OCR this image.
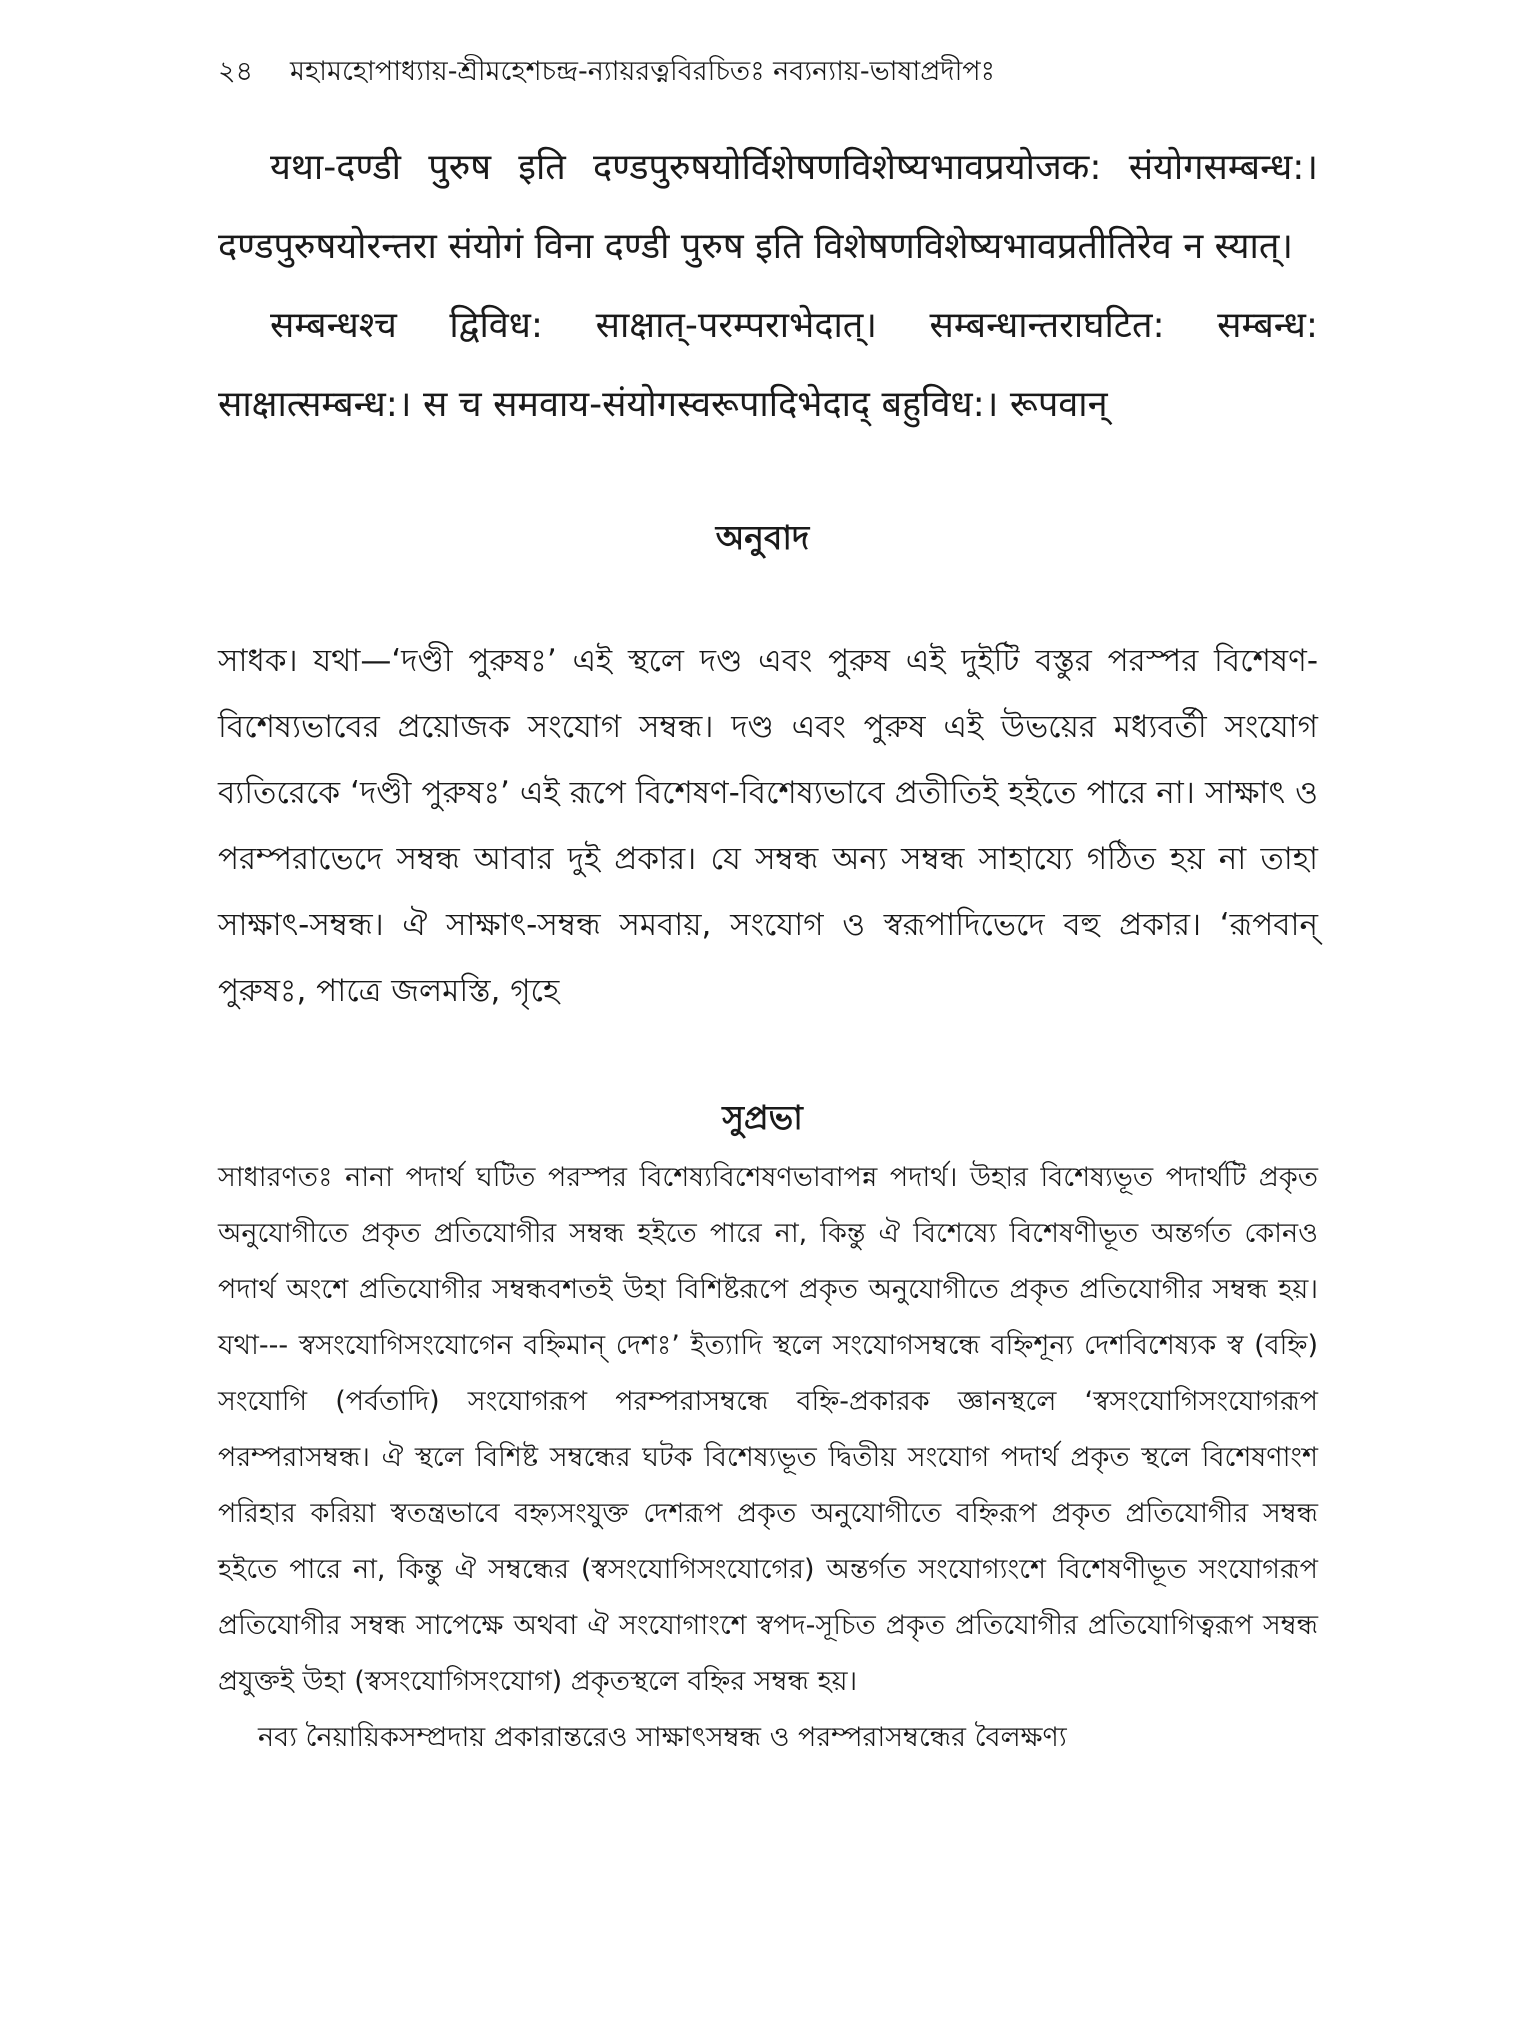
২৪ মহামহোপাধ্যায়-শ্রীমহেশচন্দ্র-ন্যায়রত্নবিরচিতঃ নব্যন্যায়-ভাষাপ্রদীপঃ

यथा-दण्डी पुरुष इति दण्डपुरुषयोर्विशेषणविशेष्यभावप्रयोजक: संयोगसम्बन्ध:। दण्डपुरुषयोरन्तरा संयोगं विना दण्डी पुरुष इति विशेषणविशेष्यभावप्रतीतिरेव न स्यात्।

सम्बन्धश्च द्विविध: साक्षात्-परम्पराभेदात्। सम्बन्धान्तराघटित: सम्बन्ध: साक्षात्सम्बन्ध:। स च समवाय-संयोगस्वरूपादिभेदाद् बहुविध:। रूपवान्

অনুবাদ

সাধক। যথা—‘দণ্ডী পুরুষঃ’ এই স্থলে দণ্ড এবং পুরুষ এই দুইটি বস্তুর পরস্পর বিশেষণ-বিশেষ্যভাবের প্রয়োজক সংযোগ সম্বন্ধ। দণ্ড এবং পুরুষ এই উভয়ের মধ্যবর্তী সংযোগ ব্যতিরেকে ‘দণ্ডী পুরুষঃ’ এই রূপে বিশেষণ-বিশেষ্যভাবে প্রতীতিই হইতে পারে না। সাক্ষাৎ ও পরম্পরাভেদে সম্বন্ধ আবার দুই প্রকার। যে সম্বন্ধ অন্য সম্বন্ধ সাহায্যে গঠিত হয় না তাহা সাক্ষাৎ-সম্বন্ধ। ঐ সাক্ষাৎ-সম্বন্ধ সমবায়, সংযোগ ও স্বরূপাদিভেদে বহু প্রকার। ‘রূপবান্ পুরুষঃ, পাত্রে জলমস্তি, গৃহে

সুপ্রভা

সাধারণতঃ নানা পদার্থ ঘটিত পরস্পর বিশেষ্যবিশেষণভাবাপন্ন পদার্থ। উহার বিশেষ্যভূত পদার্থটি প্রকৃত অনুযোগীতে প্রকৃত প্রতিযোগীর সম্বন্ধ হইতে পারে না, কিন্তু ঐ বিশেষ্যে বিশেষণীভূত অন্তর্গত কোনও পদার্থ অংশে প্রতিযোগীর সম্বন্ধবশতই উহা বিশিষ্টরূপে প্রকৃত অনুযোগীতে প্রকৃত প্রতিযোগীর সম্বন্ধ হয়। যথা--- স্বসংযোগিসংযোগেন বহ্নিমান্ দেশঃ’ ইত্যাদি স্থলে সংযোগসম্বন্ধে বহ্নিশূন্য দেশবিশেষ্যক স্ব (বহ্নি) সংযোগি (পর্বতাদি) সংযোগরূপ পরম্পরাসম্বন্ধে বহ্নি-প্রকারক জ্ঞানস্থলে ‘স্বসংযোগিসংযোগরূপ পরম্পরাসম্বন্ধ। ঐ স্থলে বিশিষ্ট সম্বন্ধের ঘটক বিশেষ্যভূত দ্বিতীয় সংযোগ পদার্থ প্রকৃত স্থলে বিশেষণাংশ পরিহার করিয়া স্বতন্ত্রভাবে বহ্ন্যসংযুক্ত দেশরূপ প্রকৃত অনুযোগীতে বহ্নিরূপ প্রকৃত প্রতিযোগীর সম্বন্ধ হইতে পারে না, কিন্তু ঐ সম্বন্ধের (স্বসংযোগিসংযোগের) অন্তর্গত সংযোগ্যংশে বিশেষণীভূত সংযোগরূপ প্রতিযোগীর সম্বন্ধ সাপেক্ষে অথবা ঐ সংযোগাংশে স্বপদ-সূচিত প্রকৃত প্রতিযোগীর প্রতিযোগিত্বরূপ সম্বন্ধ প্রযুক্তই উহা (স্বসংযোগিসংযোগ) প্রকৃতস্থলে বহ্নির সম্বন্ধ হয়।

নব্য নৈয়ায়িকসম্প্রদায় প্রকারান্তরেও সাক্ষাৎসম্বন্ধ ও পরম্পরাসম্বন্ধের বৈলক্ষণ্য
